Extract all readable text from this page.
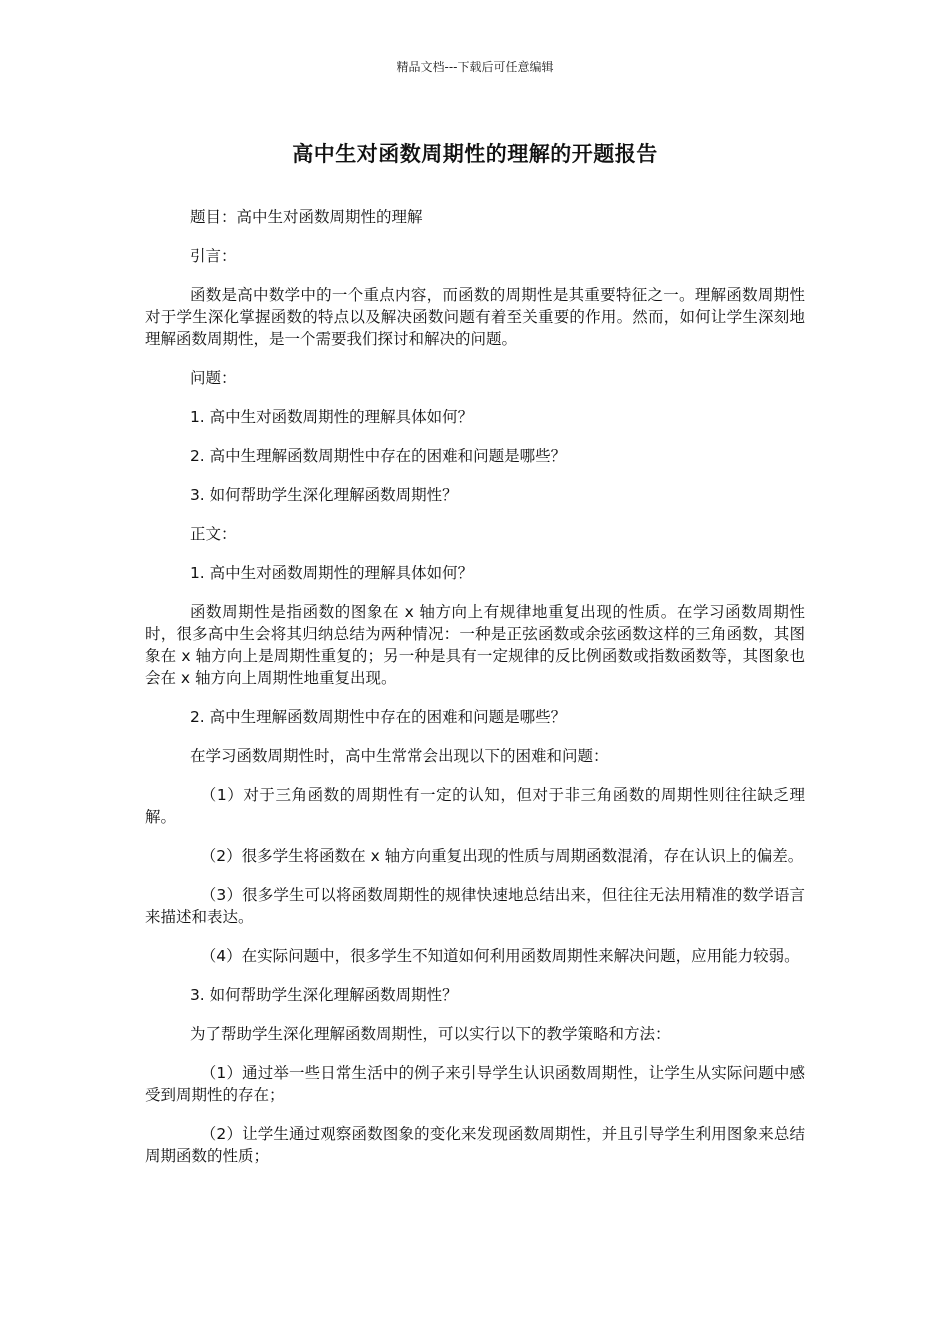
精品文档---下载后可任意编辑
高中生对函数周期性的理解的开题报告

题目：高中生对函数周期性的理解

引言：

函数是高中数学中的一个重点内容，而函数的周期性是其重要特征之一。理解函数周期性对于学生深化掌握函数的特点以及解决函数问题有着至关重要的作用。然而，如何让学生深刻地理解函数周期性，是一个需要我们探讨和解决的问题。

问题：

1. 高中生对函数周期性的理解具体如何？

2. 高中生理解函数周期性中存在的困难和问题是哪些？

3. 如何帮助学生深化理解函数周期性？

正文：

1. 高中生对函数周期性的理解具体如何？

函数周期性是指函数的图象在 x 轴方向上有规律地重复出现的性质。在学习函数周期性时，很多高中生会将其归纳总结为两种情况：一种是正弦函数或余弦函数这样的三角函数，其图象在 x 轴方向上是周期性重复的；另一种是具有一定规律的反比例函数或指数函数等，其图象也会在 x 轴方向上周期性地重复出现。

2. 高中生理解函数周期性中存在的困难和问题是哪些？

在学习函数周期性时，高中生常常会出现以下的困难和问题：

（1）对于三角函数的周期性有一定的认知，但对于非三角函数的周期性则往往缺乏理解。

（2）很多学生将函数在 x 轴方向重复出现的性质与周期函数混淆，存在认识上的偏差。

（3）很多学生可以将函数周期性的规律快速地总结出来，但往往无法用精准的数学语言来描述和表达。

（4）在实际问题中，很多学生不知道如何利用函数周期性来解决问题，应用能力较弱。

3. 如何帮助学生深化理解函数周期性？

为了帮助学生深化理解函数周期性，可以实行以下的教学策略和方法：

（1）通过举一些日常生活中的例子来引导学生认识函数周期性，让学生从实际问题中感受到周期性的存在；

（2）让学生通过观察函数图象的变化来发现函数周期性，并且引导学生利用图象来总结周期函数的性质；
